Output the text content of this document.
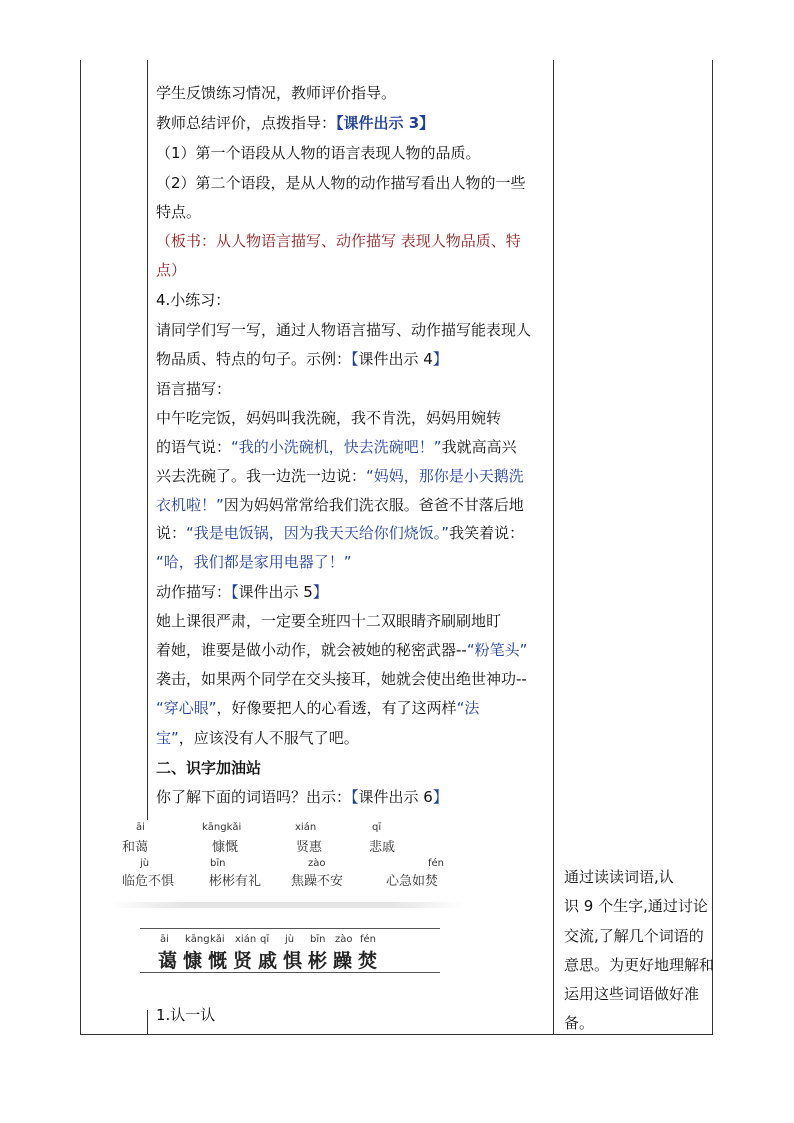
学生反馈练习情况，教师评价指导。
教师总结评价，点拨指导：【课件出示 3】
（1）第一个语段从人物的语言表现人物的品质。
（2）第二个语段，是从人物的动作描写看出人物的一些
特点。
（板书：从人物语言描写、动作描写 表现人物品质、特
点）
4.小练习：
请同学们写一写，通过人物语言描写、动作描写能表现人
物品质、特点的句子。示例：【课件出示 4】
语言描写：
中午吃完饭，妈妈叫我洗碗，我不肯洗，妈妈用婉转
的语气说：“我的小洗碗机，快去洗碗吧！”我就高高兴
兴去洗碗了。我一边洗一边说：“妈妈，那你是小天鹅洗
衣机啦！”因为妈妈常常给我们洗衣服。爸爸不甘落后地
说：“我是电饭锅，因为我天天给你们烧饭。”我笑着说：
“哈，我们都是家用电器了！”
动作描写：【课件出示 5】
她上课很严肃，一定要全班四十二双眼睛齐刷刷地盯
着她，谁要是做小动作，就会被她的秘密武器--“粉笔头”
袭击，如果两个同学在交头接耳，她就会使出绝世神功--
“穿心眼”，好像要把人的心看透，有了这两样“法
宝”，应该没有人不服气了吧。
二、识字加油站
你了解下面的词语吗？出示：【课件出示 6】
āi
和蔼
kāngkǎi
慷慨
xián
贤惠
qī
悲戚
jù
临危不惧
bīn
彬彬有礼
zào
焦躁不安
fén
心急如焚
āi
蔼
kāng
慷
kǎi
慨
xián
贤
qī
戚
jù
惧
bīn
彬
zào
躁
fén
焚
1.认一认
通过读读词语,认
识 9 个生字,通过讨论
交流,了解几个词语的
意思。为更好地理解和
运用这些词语做好准
备。
